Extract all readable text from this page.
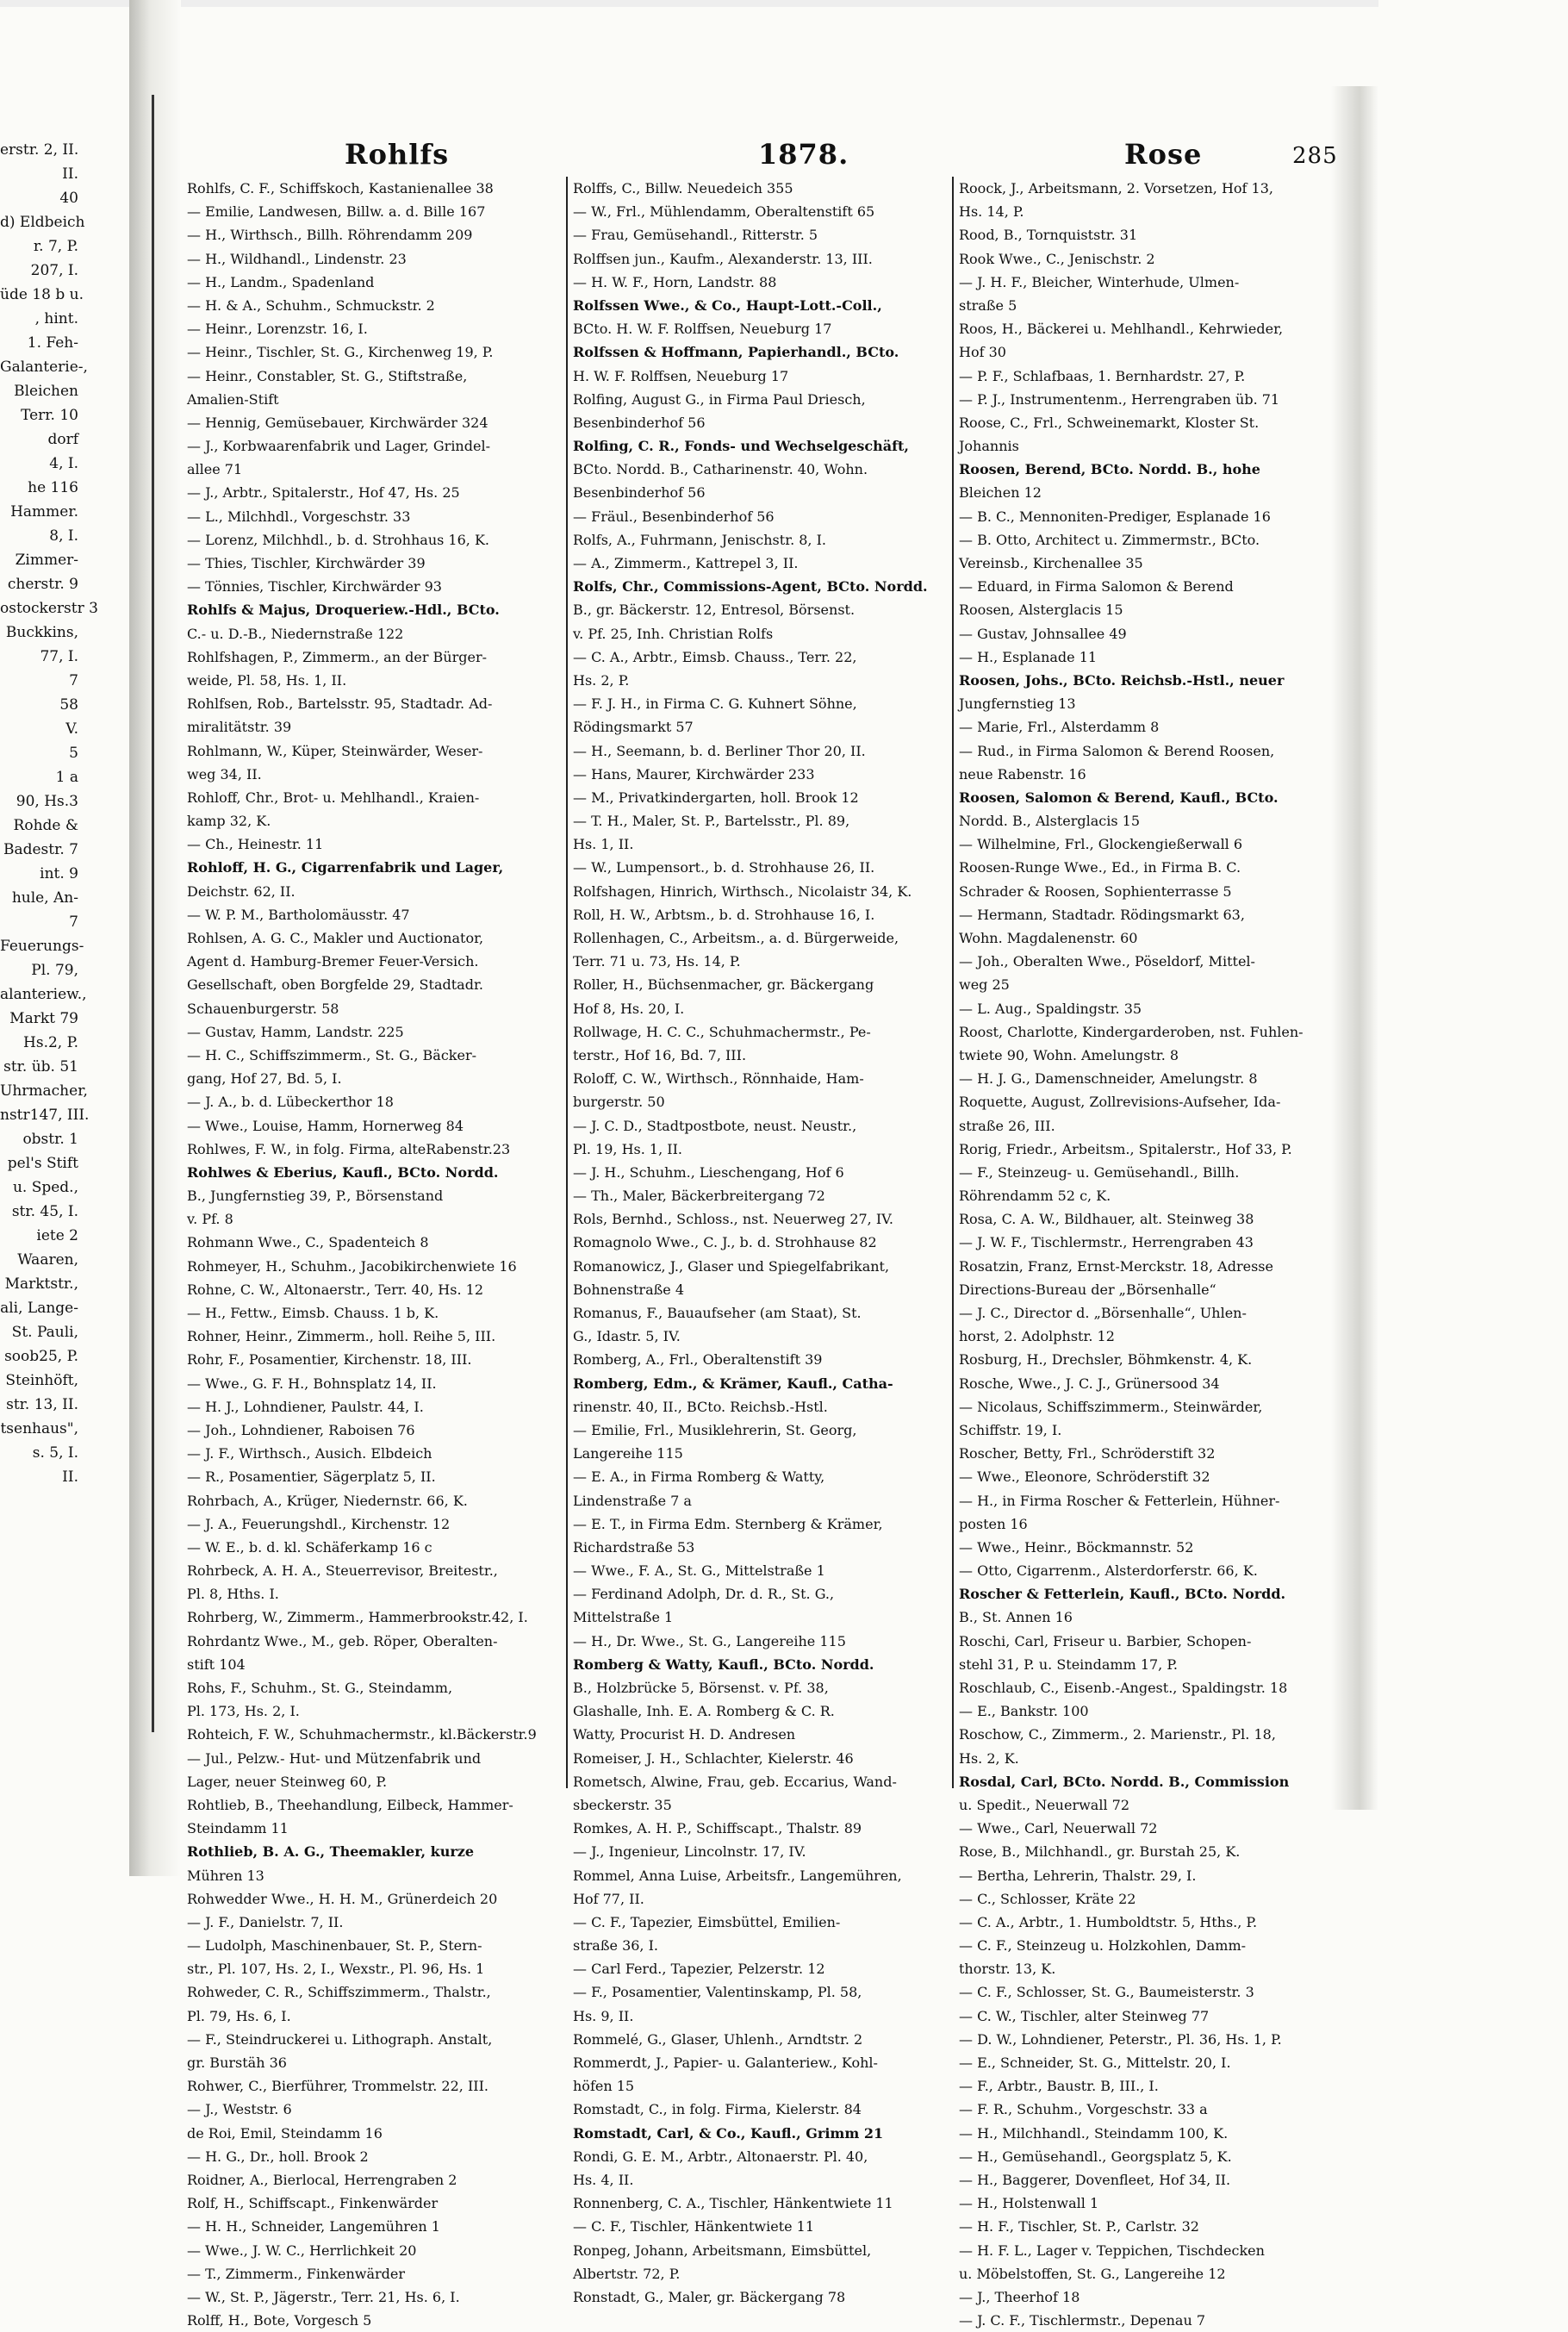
erstr. 2, II.
II.
40
d) Eldbeich
r. 7, P.
207, I.
üde 18 b u.
, hint.
1. Feh-
Galanterie-,
Bleichen
Terr. 10
dorf
4, I.
he 116
Hammer.
8, I.
Zimmer-
cherstr. 9
ostockerstr 3
Buckkins,
77, I.
7
58
V.
5
1 a
90, Hs.3
Rohde &
Badestr. 7
int. 9
hule, An-
7
Feuerungs-
Pl. 79,
alanteriew.,
Markt 79
Hs.2, P.
str. üb. 51
Uhrmacher,
nstr147, III.
obstr. 1
pel's Stift
u. Sped.,
str. 45, I.
iete 2
Waaren,
Marktstr.,
ali, Lange-
St. Pauli,
soob25, P.
Steinhöft,
str. 13, II.
tsenhaus",
s. 5, I.
II.
Rohlfs	1878.	Rose	285
Rohlfs, C. F., Schiffskoch, Kastanienallee 38
— Emilie, Landwesen, Billw. a. d. Bille 167
— H., Wirthsch., Billh. Röhrendamm 209
— H., Wildhandl., Lindenstr. 23
— H., Landm., Spadenland
— H. & A., Schuhm., Schmuckstr. 2
— Heinr., Lorenzstr. 16, I.
— Heinr., Tischler, St. G., Kirchenweg 19, P.
— Heinr., Constabler, St. G., Stiftstraße,
Amalien-Stift
— Hennig, Gemüsebauer, Kirchwärder 324
— J., Korbwaarenfabrik und Lager, Grindel-
allee 71
— J., Arbtr., Spitalerstr., Hof 47, Hs. 25
— L., Milchhdl., Vorgeschstr. 33
— Lorenz, Milchhdl., b. d. Strohhaus 16, K.
— Thies, Tischler, Kirchwärder 39
— Tönnies, Tischler, Kirchwärder 93
Rohlfs & Majus, Droqueriew.-Hdl., BCto.
C.- u. D.-B., Niedernstraße 122
Rohlfshagen, P., Zimmerm., an der Bürger-
weide, Pl. 58, Hs. 1, II.
Rohlfsen, Rob., Bartelsstr. 95, Stadtadr. Ad-
miralitätstr. 39
Rohlmann, W., Küper, Steinwärder, Weser-
weg 34, II.
Rohloff, Chr., Brot- u. Mehlhandl., Kraien-
kamp 32, K.
— Ch., Heinestr. 11
Rohloff, H. G., Cigarrenfabrik und Lager,
Deichstr. 62, II.
— W. P. M., Bartholomäusstr. 47
Rohlsen, A. G. C., Makler und Auctionator,
Agent d. Hamburg-Bremer Feuer-Versich.
Gesellschaft, oben Borgfelde 29, Stadtadr.
Schauenburgerstr. 58
— Gustav, Hamm, Landstr. 225
— H. C., Schiffszimmerm., St. G., Bäcker-
gang, Hof 27, Bd. 5, I.
— J. A., b. d. Lübeckerthor 18
— Wwe., Louise, Hamm, Hornerweg 84
Rohlwes, F. W., in folg. Firma, alteRabenstr.23
Rohlwes & Eberius, Kaufl., BCto. Nordd.
B., Jungfernstieg 39, P., Börsenstand
v. Pf. 8
Rohmann Wwe., C., Spadenteich 8
Rohmeyer, H., Schuhm., Jacobikirchenwiete 16
Rohne, C. W., Altonaerstr., Terr. 40, Hs. 12
— H., Fettw., Eimsb. Chauss. 1 b, K.
Rohner, Heinr., Zimmerm., holl. Reihe 5, III.
Rohr, F., Posamentier, Kirchenstr. 18, III.
— Wwe., G. F. H., Bohnsplatz 14, II.
— H. J., Lohndiener, Paulstr. 44, I.
— Joh., Lohndiener, Raboisen 76
— J. F., Wirthsch., Ausich. Elbdeich
— R., Posamentier, Sägerplatz 5, II.
Rohrbach, A., Krüger, Niedernstr. 66, K.
— J. A., Feuerungshdl., Kirchenstr. 12
— W. E., b. d. kl. Schäferkamp 16 c
Rohrbeck, A. H. A., Steuerrevisor, Breitestr.,
Pl. 8, Hths. I.
Rohrberg, W., Zimmerm., Hammerbrookstr.42, I.
Rohrdantz Wwe., M., geb. Röper, Oberalten-
stift 104
Rohs, F., Schuhm., St. G., Steindamm,
Pl. 173, Hs. 2, I.
Rohteich, F. W., Schuhmachermstr., kl.Bäckerstr.9
— Jul., Pelzw.- Hut- und Mützenfabrik und
Lager, neuer Steinweg 60, P.
Rohtlieb, B., Theehandlung, Eilbeck, Hammer-
Steindamm 11
Rothlieb, B. A. G., Theemakler, kurze
Mühren 13
Rohwedder Wwe., H. H. M., Grünerdeich 20
— J. F., Danielstr. 7, II.
— Ludolph, Maschinenbauer, St. P., Stern-
str., Pl. 107, Hs. 2, I., Wexstr., Pl. 96, Hs. 1
Rohweder, C. R., Schiffszimmerm., Thalstr.,
Pl. 79, Hs. 6, I.
— F., Steindruckerei u. Lithograph. Anstalt,
gr. Burstäh 36
Rohwer, C., Bierführer, Trommelstr. 22, III.
— J., Weststr. 6
de Roi, Emil, Steindamm 16
— H. G., Dr., holl. Brook 2
Roidner, A., Bierlocal, Herrengraben 2
Rolf, H., Schiffscapt., Finkenwärder
— H. H., Schneider, Langemühren 1
— Wwe., J. W. C., Herrlichkeit 20
— T., Zimmerm., Finkenwärder
— W., St. P., Jägerstr., Terr. 21, Hs. 6, I.
Rolff, H., Bote, Vorgesch 5
Rolffs, C., Billw. Neuedeich 355
— W., Frl., Mühlendamm, Oberaltenstift 65
— Frau, Gemüsehandl., Ritterstr. 5
Rolffsen jun., Kaufm., Alexanderstr. 13, III.
— H. W. F., Horn, Landstr. 88
Rolfssen Wwe., & Co., Haupt-Lott.-Coll.,
BCto. H. W. F. Rolffsen, Neueburg 17
Rolfssen & Hoffmann, Papierhandl., BCto.
H. W. F. Rolffsen, Neueburg 17
Rolfing, August G., in Firma Paul Driesch,
Besenbinderhof 56
Rolfing, C. R., Fonds- und Wechselgeschäft,
BCto. Nordd. B., Catharinenstr. 40, Wohn.
Besenbinderhof 56
— Fräul., Besenbinderhof 56
Rolfs, A., Fuhrmann, Jenischstr. 8, I.
— A., Zimmerm., Kattrepel 3, II.
Rolfs, Chr., Commissions-Agent, BCto. Nordd.
B., gr. Bäckerstr. 12, Entresol, Börsenst.
v. Pf. 25, Inh. Christian Rolfs
— C. A., Arbtr., Eimsb. Chauss., Terr. 22,
Hs. 2, P.
— F. J. H., in Firma C. G. Kuhnert Söhne,
Rödingsmarkt 57
— H., Seemann, b. d. Berliner Thor 20, II.
— Hans, Maurer, Kirchwärder 233
— M., Privatkindergarten, holl. Brook 12
— T. H., Maler, St. P., Bartelsstr., Pl. 89,
Hs. 1, II.
— W., Lumpensort., b. d. Strohhause 26, II.
Rolfshagen, Hinrich, Wirthsch., Nicolaistr 34, K.
Roll, H. W., Arbtsm., b. d. Strohhause 16, I.
Rollenhagen, C., Arbeitsm., a. d. Bürgerweide,
Terr. 71 u. 73, Hs. 14, P.
Roller, H., Büchsenmacher, gr. Bäckergang
Hof 8, Hs. 20, I.
Rollwage, H. C. C., Schuhmachermstr., Pe-
terstr., Hof 16, Bd. 7, III.
Roloff, C. W., Wirthsch., Rönnhaide, Ham-
burgerstr. 50
— J. C. D., Stadtpostbote, neust. Neustr.,
Pl. 19, Hs. 1, II.
— J. H., Schuhm., Lieschengang, Hof 6
— Th., Maler, Bäckerbreitergang 72
Rols, Bernhd., Schloss., nst. Neuerweg 27, IV.
Romagnolo Wwe., C. J., b. d. Strohhause 82
Romanowicz, J., Glaser und Spiegelfabrikant,
Bohnenstraße 4
Romanus, F., Bauaufseher (am Staat), St.
G., Idastr. 5, IV.
Romberg, A., Frl., Oberaltenstift 39
Romberg, Edm., & Krämer, Kaufl., Catha-
rinenstr. 40, II., BCto. Reichsb.-Hstl.
— Emilie, Frl., Musiklehrerin, St. Georg,
Langereihe 115
— E. A., in Firma Romberg & Watty,
Lindenstraße 7 a
— E. T., in Firma Edm. Sternberg & Krämer,
Richardstraße 53
— Wwe., F. A., St. G., Mittelstraße 1
— Ferdinand Adolph, Dr. d. R., St. G.,
Mittelstraße 1
— H., Dr. Wwe., St. G., Langereihe 115
Romberg & Watty, Kaufl., BCto. Nordd.
B., Holzbrücke 5, Börsenst. v. Pf. 38,
Glashalle, Inh. E. A. Romberg & C. R.
Watty, Procurist H. D. Andresen
Romeiser, J. H., Schlachter, Kielerstr. 46
Rometsch, Alwine, Frau, geb. Eccarius, Wand-
sbeckerstr. 35
Romkes, A. H. P., Schiffscapt., Thalstr. 89
— J., Ingenieur, Lincolnstr. 17, IV.
Rommel, Anna Luise, Arbeitsfr., Langemühren,
Hof 77, II.
— C. F., Tapezier, Eimsbüttel, Emilien-
straße 36, I.
— Carl Ferd., Tapezier, Pelzerstr. 12
— F., Posamentier, Valentinskamp, Pl. 58,
Hs. 9, II.
Rommelé, G., Glaser, Uhlenh., Arndtstr. 2
Rommerdt, J., Papier- u. Galanteriew., Kohl-
höfen 15
Romstadt, C., in folg. Firma, Kielerstr. 84
Romstadt, Carl, & Co., Kaufl., Grimm 21
Rondi, G. E. M., Arbtr., Altonaerstr. Pl. 40,
Hs. 4, II.
Ronnenberg, C. A., Tischler, Hänkentwiete 11
— C. F., Tischler, Hänkentwiete 11
Ronpeg, Johann, Arbeitsmann, Eimsbüttel,
Albertstr. 72, P.
Ronstadt, G., Maler, gr. Bäckergang 78
Roock, J., Arbeitsmann, 2. Vorsetzen, Hof 13,
Hs. 14, P.
Rood, B., Tornquiststr. 31
Rook Wwe., C., Jenischstr. 2
— J. H. F., Bleicher, Winterhude, Ulmen-
straße 5
Roos, H., Bäckerei u. Mehlhandl., Kehrwieder,
Hof 30
— P. F., Schlafbaas, 1. Bernhardstr. 27, P.
— P. J., Instrumentenm., Herrengraben üb. 71
Roose, C., Frl., Schweinemarkt, Kloster St.
Johannis
Roosen, Berend, BCto. Nordd. B., hohe
Bleichen 12
— B. C., Mennoniten-Prediger, Esplanade 16
— B. Otto, Architect u. Zimmermstr., BCto.
Vereinsb., Kirchenallee 35
— Eduard, in Firma Salomon & Berend
Roosen, Alsterglacis 15
— Gustav, Johnsallee 49
— H., Esplanade 11
Roosen, Johs., BCto. Reichsb.-Hstl., neuer
Jungfernstieg 13
— Marie, Frl., Alsterdamm 8
— Rud., in Firma Salomon & Berend Roosen,
neue Rabenstr. 16
Roosen, Salomon & Berend, Kaufl., BCto.
Nordd. B., Alsterglacis 15
— Wilhelmine, Frl., Glockengießerwall 6
Roosen-Runge Wwe., Ed., in Firma B. C.
Schrader & Roosen, Sophienterrasse 5
— Hermann, Stadtadr. Rödingsmarkt 63,
Wohn. Magdalenenstr. 60
— Joh., Oberalten Wwe., Pöseldorf, Mittel-
weg 25
— L. Aug., Spaldingstr. 35
Roost, Charlotte, Kindergarderoben, nst. Fuhlen-
twiete 90, Wohn. Amelungstr. 8
— H. J. G., Damenschneider, Amelungstr. 8
Roquette, August, Zollrevisions-Aufseher, Ida-
straße 26, III.
Rorig, Friedr., Arbeitsm., Spitalerstr., Hof 33, P.
— F., Steinzeug- u. Gemüsehandl., Billh.
Röhrendamm 52 c, K.
Rosa, C. A. W., Bildhauer, alt. Steinweg 38
— J. W. F., Tischlermstr., Herrengraben 43
Rosatzin, Franz, Ernst-Merckstr. 18, Adresse
Directions-Bureau der „Börsenhalle“
— J. C., Director d. „Börsenhalle“, Uhlen-
horst, 2. Adolphstr. 12
Rosburg, H., Drechsler, Böhmkenstr. 4, K.
Rosche, Wwe., J. C. J., Grünersood 34
— Nicolaus, Schiffszimmerm., Steinwärder,
Schiffstr. 19, I.
Roscher, Betty, Frl., Schröderstift 32
— Wwe., Eleonore, Schröderstift 32
— H., in Firma Roscher & Fetterlein, Hühner-
posten 16
— Wwe., Heinr., Böckmannstr. 52
— Otto, Cigarrenm., Alsterdorferstr. 66, K.
Roscher & Fetterlein, Kaufl., BCto. Nordd.
B., St. Annen 16
Roschi, Carl, Friseur u. Barbier, Schopen-
stehl 31, P. u. Steindamm 17, P.
Roschlaub, C., Eisenb.-Angest., Spaldingstr. 18
— E., Bankstr. 100
Roschow, C., Zimmerm., 2. Marienstr., Pl. 18,
Hs. 2, K.
Rosdal, Carl, BCto. Nordd. B., Commission
u. Spedit., Neuerwall 72
— Wwe., Carl, Neuerwall 72
Rose, B., Milchhandl., gr. Burstah 25, K.
— Bertha, Lehrerin, Thalstr. 29, I.
— C., Schlosser, Kräte 22
— C. A., Arbtr., 1. Humboldtstr. 5, Hths., P.
— C. F., Steinzeug u. Holzkohlen, Damm-
thorstr. 13, K.
— C. F., Schlosser, St. G., Baumeisterstr. 3
— C. W., Tischler, alter Steinweg 77
— D. W., Lohndiener, Peterstr., Pl. 36, Hs. 1, P.
— E., Schneider, St. G., Mittelstr. 20, I.
— F., Arbtr., Baustr. B, III., I.
— F. R., Schuhm., Vorgeschstr. 33 a
— H., Milchhandl., Steindamm 100, K.
— H., Gemüsehandl., Georgsplatz 5, K.
— H., Baggerer, Dovenfleet, Hof 34, II.
— H., Holstenwall 1
— H. F., Tischler, St. P., Carlstr. 32
— H. F. L., Lager v. Teppichen, Tischdecken
u. Möbelstoffen, St. G., Langereihe 12
— J., Theerhof 18
— J. C. F., Tischlermstr., Depenau 7
